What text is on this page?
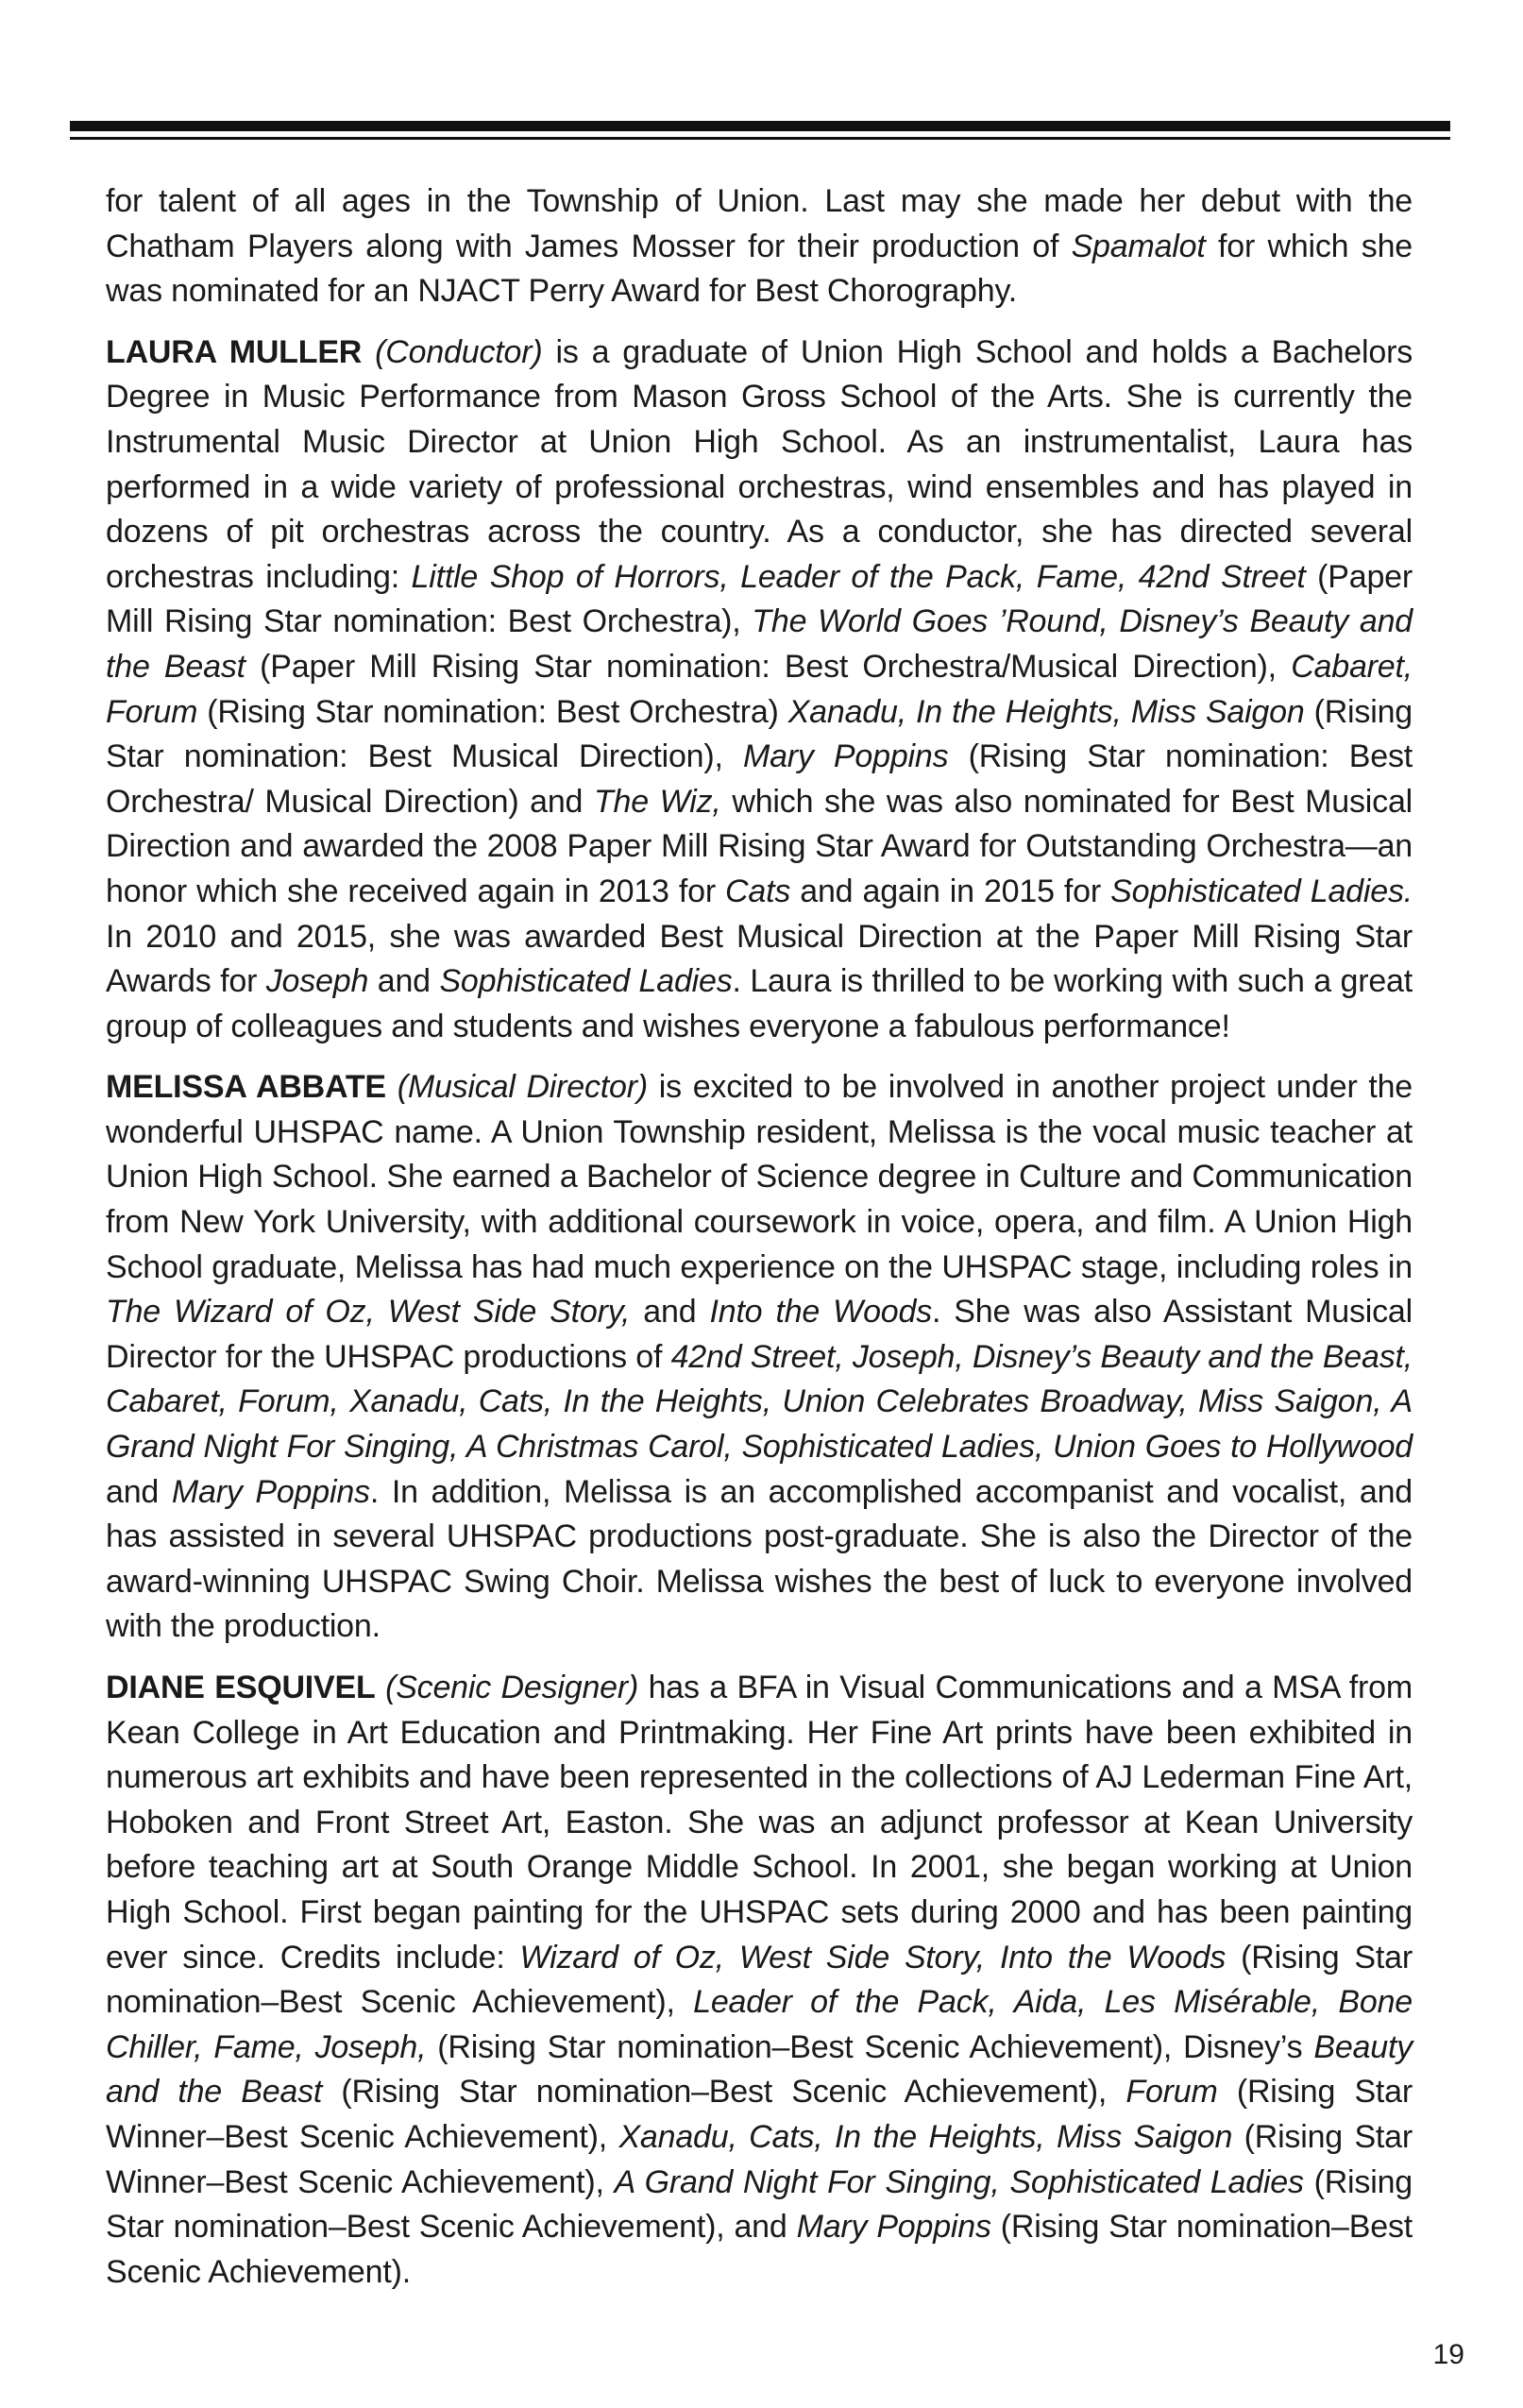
for talent of all ages in the Township of Union. Last may she made her debut with the Chatham Players along with James Mosser for their production of Spamalot for which she was nominated for an NJACT Perry Award for Best Chorography.

LAURA MULLER (Conductor) is a graduate of Union High School and holds a Bachelors Degree in Music Performance from Mason Gross School of the Arts. She is currently the Instrumental Music Director at Union High School. As an instrumentalist, Laura has performed in a wide variety of professional orchestras, wind ensembles and has played in dozens of pit orchestras across the country. As a conductor, she has directed several orchestras including: Little Shop of Horrors, Leader of the Pack, Fame, 42nd Street (Paper Mill Rising Star nomination: Best Orchestra), The World Goes ’Round, Disney’s Beauty and the Beast (Paper Mill Rising Star nomination: Best Orchestra/Musical Direction), Cabaret, Forum (Rising Star nomination: Best Orchestra) Xanadu, In the Heights, Miss Saigon (Rising Star nomination: Best Musical Direction), Mary Poppins (Rising Star nomination: Best Orchestra/ Musical Direction) and The Wiz, which she was also nominated for Best Musical Direction and awarded the 2008 Paper Mill Rising Star Award for Outstanding Orchestra—an honor which she received again in 2013 for Cats and again in 2015 for Sophisticated Ladies. In 2010 and 2015, she was awarded Best Musical Direction at the Paper Mill Rising Star Awards for Joseph and Sophisticated Ladies. Laura is thrilled to be working with such a great group of colleagues and students and wishes everyone a fabulous performance!

MELISSA ABBATE (Musical Director) is excited to be involved in another project under the wonderful UHSPAC name. A Union Township resident, Melissa is the vocal music teacher at Union High School. She earned a Bachelor of Science degree in Culture and Communication from New York University, with additional coursework in voice, opera, and film. A Union High School graduate, Melissa has had much experience on the UHSPAC stage, including roles in The Wizard of Oz, West Side Story, and Into the Woods. She was also Assistant Musical Director for the UHSPAC productions of 42nd Street, Joseph, Disney’s Beauty and the Beast, Cabaret, Forum, Xanadu, Cats, In the Heights, Union Celebrates Broadway, Miss Saigon, A Grand Night For Singing, A Christmas Carol, Sophisticated Ladies, Union Goes to Hollywood and Mary Poppins. In addition, Melissa is an accomplished accompanist and vocalist, and has assisted in several UHSPAC productions post-graduate. She is also the Director of the award-winning UHSPAC Swing Choir. Melissa wishes the best of luck to everyone involved with the production.

DIANE ESQUIVEL (Scenic Designer) has a BFA in Visual Communications and a MSA from Kean College in Art Education and Printmaking. Her Fine Art prints have been exhibited in numerous art exhibits and have been represented in the collections of AJ Lederman Fine Art, Hoboken and Front Street Art, Easton. She was an adjunct professor at Kean University before teaching art at South Orange Middle School. In 2001, she began working at Union High School. First began painting for the UHSPAC sets during 2000 and has been painting ever since. Credits include: Wizard of Oz, West Side Story, Into the Woods (Rising Star nomination–Best Scenic Achievement), Leader of the Pack, Aida, Les Misérable, Bone Chiller, Fame, Joseph, (Rising Star nomination–Best Scenic Achievement), Disney’s Beauty and the Beast (Rising Star nomination–Best Scenic Achievement), Forum (Rising Star Winner–Best Scenic Achievement), Xanadu, Cats, In the Heights, Miss Saigon (Rising Star Winner–Best Scenic Achievement), A Grand Night For Singing, Sophisticated Ladies (Rising Star nomination–Best Scenic Achievement), and Mary Poppins (Rising Star nomination–Best Scenic Achievement).

19
